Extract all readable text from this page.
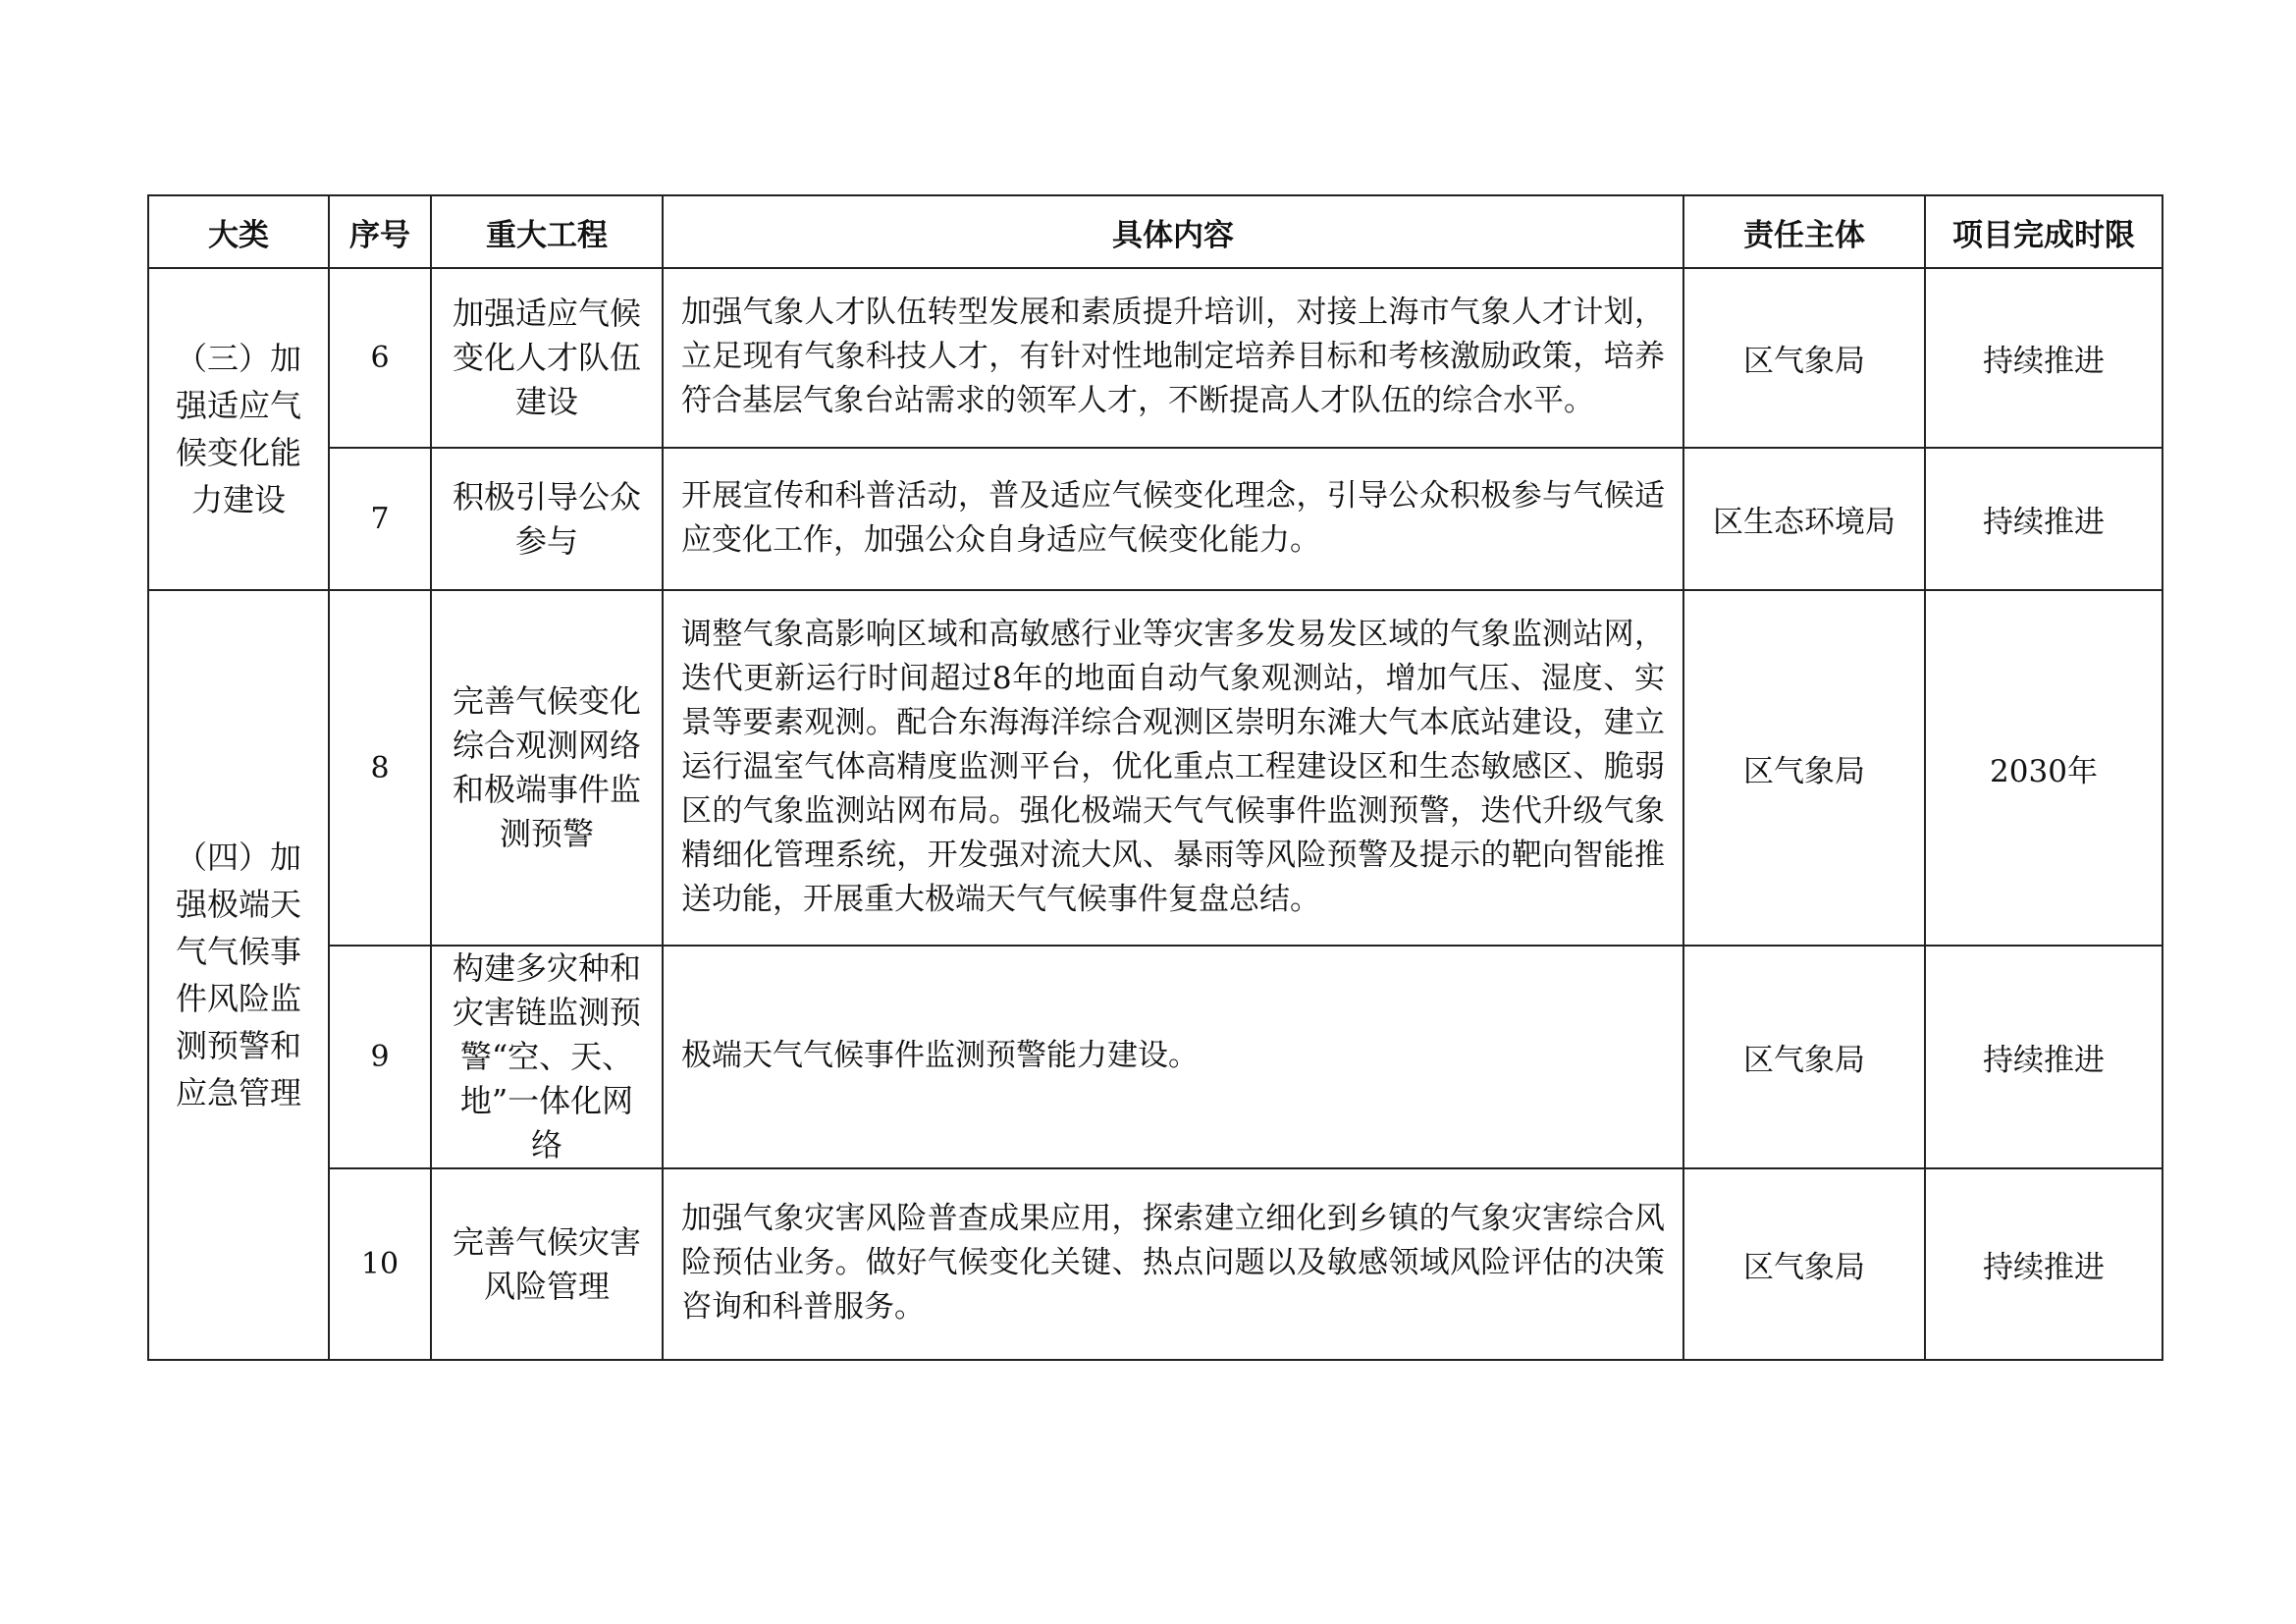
大类	序号	重大工程	具体内容	责任主体	项目完成时限
（三）加强适应气候变化能力建设	6	加强适应气候变化人才队伍建设	加强气象人才队伍转型发展和素质提升培训，对接上海市气象人才计划，立足现有气象科技人才，有针对性地制定培养目标和考核激励政策，培养符合基层气象台站需求的领军人才，不断提高人才队伍的综合水平。	区气象局	持续推进
	7	积极引导公众参与	开展宣传和科普活动，普及适应气候变化理念，引导公众积极参与气候适应变化工作，加强公众自身适应气候变化能力。	区生态环境局	持续推进
（四）加强极端天气气候事件风险监测预警和应急管理	8	完善气候变化综合观测网络和极端事件监测预警	调整气象高影响区域和高敏感行业等灾害多发易发区域的气象监测站网，迭代更新运行时间超过8年的地面自动气象观测站，增加气压、湿度、实景等要素观测。配合东海海洋综合观测区崇明东滩大气本底站建设，建立运行温室气体高精度监测平台，优化重点工程建设区和生态敏感区、脆弱区的气象监测站网布局。强化极端天气气候事件监测预警，迭代升级气象精细化管理系统，开发强对流大风、暴雨等风险预警及提示的靶向智能推送功能，开展重大极端天气气候事件复盘总结。	区气象局	2030年
	9	构建多灾种和灾害链监测预警“空、天、地”一体化网络	极端天气气候事件监测预警能力建设。	区气象局	持续推进
	10	完善气候灾害风险管理	加强气象灾害风险普查成果应用，探索建立细化到乡镇的气象灾害综合风险预估业务。做好气候变化关键、热点问题以及敏感领域风险评估的决策咨询和科普服务。	区气象局	持续推进
